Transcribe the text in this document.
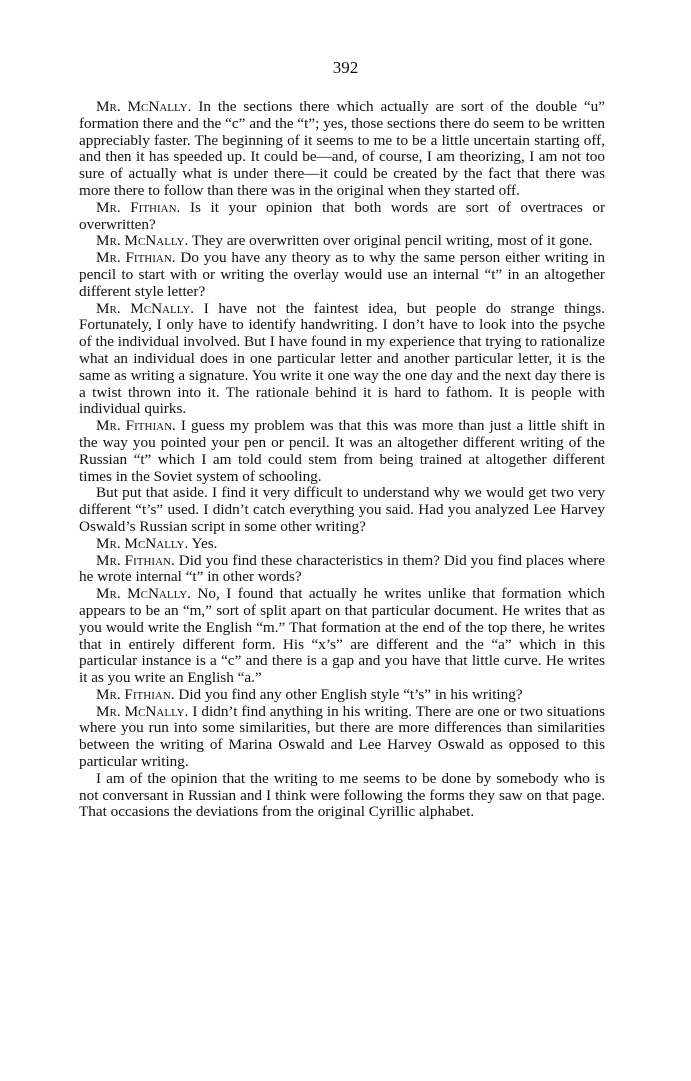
392

Mr. McNally. In the sections there which actually are sort of the double “u” formation there and the “c” and the “t”; yes, those sections there do seem to be written appreciably faster. The beginning of it seems to me to be a little uncertain starting off, and then it has speeded up. It could be—and, of course, I am theorizing, I am not too sure of actually what is under there—it could be created by the fact that there was more there to follow than there was in the original when they started off.

Mr. Fithian. Is it your opinion that both words are sort of overtraces or overwritten?

Mr. McNally. They are overwritten over original pencil writing, most of it gone.

Mr. Fithian. Do you have any theory as to why the same person either writing in pencil to start with or writing the overlay would use an internal “t” in an altogether different style letter?

Mr. McNally. I have not the faintest idea, but people do strange things. Fortunately, I only have to identify handwriting. I don’t have to look into the psyche of the individual involved. But I have found in my experience that trying to rationalize what an individual does in one particular letter and another particular letter, it is the same as writing a signature. You write it one way the one day and the next day there is a twist thrown into it. The rationale behind it is hard to fathom. It is people with individual quirks.

Mr. Fithian. I guess my problem was that this was more than just a little shift in the way you pointed your pen or pencil. It was an altogether different writing of the Russian “t” which I am told could stem from being trained at altogether different times in the Soviet system of schooling.

But put that aside. I find it very difficult to understand why we would get two very different “t’s” used. I didn’t catch everything you said. Had you analyzed Lee Harvey Oswald’s Russian script in some other writing?

Mr. McNally. Yes.

Mr. Fithian. Did you find these characteristics in them? Did you find places where he wrote internal “t” in other words?

Mr. McNally. No, I found that actually he writes unlike that formation which appears to be an “m,” sort of split apart on that particular document. He writes that as you would write the English “m.” That formation at the end of the top there, he writes that in entirely different form. His “x’s” are different and the “a” which in this particular instance is a “c” and there is a gap and you have that little curve. He writes it as you write an English “a.”

Mr. Fithian. Did you find any other English style “t’s” in his writing?

Mr. McNally. I didn’t find anything in his writing. There are one or two situations where you run into some similarities, but there are more differences than similarities between the writing of Marina Oswald and Lee Harvey Oswald as opposed to this particular writing.

I am of the opinion that the writing to me seems to be done by somebody who is not conversant in Russian and I think were following the forms they saw on that page. That occasions the deviations from the original Cyrillic alphabet.
